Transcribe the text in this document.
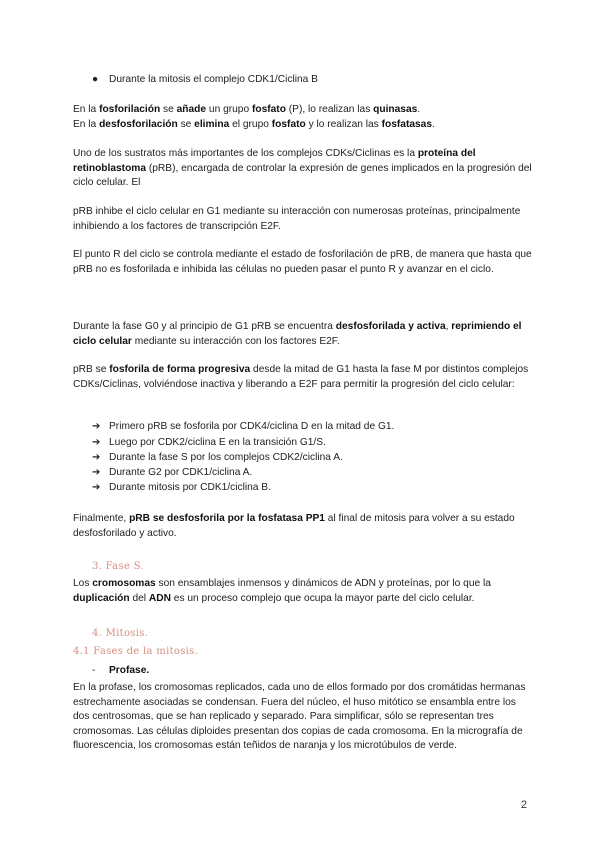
● Durante la mitosis el complejo CDK1/Ciclina B

En la fosforilación se añade un grupo fosfato (P), lo realizan las quinasas.

En la desfosforilación se elimina el grupo fosfato y lo realizan las fosfatasas.

Uno de los sustratos más importantes de los complejos CDKs/Ciclinas es la proteína del retinoblastoma (pRB), encargada de controlar la expresión de genes implicados en la progresión del ciclo celular. El

pRB inhibe el ciclo celular en G1 mediante su interacción con numerosas proteínas, principalmente inhibiendo a los factores de transcripción E2F.

El punto R del ciclo se controla mediante el estado de fosforilación de pRB, de manera que hasta que pRB no es fosforilada e inhibida las células no pueden pasar el punto R y avanzar en el ciclo.

Durante la fase G0 y al principio de G1 pRB se encuentra desfosforilada y activa, reprimiendo el ciclo celular mediante su interacción con los factores E2F.

pRB se fosforila de forma progresiva desde la mitad de G1 hasta la fase M por distintos complejos CDKs/Ciclinas, volviéndose inactiva y liberando a E2F para permitir la progresión del ciclo celular:

➔ Primero pRB se fosforila por CDK4/ciclina D en la mitad de G1.
➔ Luego por CDK2/ciclina E en la transición G1/S.
➔ Durante la fase S por los complejos CDK2/ciclina A.
➔ Durante G2 por CDK1/ciclina A.
➔ Durante mitosis por CDK1/ciclina B.

Finalmente, pRB se desfosforila por la fosfatasa PP1 al final de mitosis para volver a su estado desfosforilado y activo.

3. Fase S.

Los cromosomas son ensamblajes inmensos y dinámicos de ADN y proteínas, por lo que la duplicación del ADN es un proceso complejo que ocupa la mayor parte del ciclo celular.

4. Mitosis.
4.1 Fases de la mitosis.
- Profase.

En la profase, los cromosomas replicados, cada uno de ellos formado por dos cromátidas hermanas estrechamente asociadas se condensan. Fuera del núcleo, el huso mitótico se ensambla entre los dos centrosomas, que se han replicado y separado. Para simplificar, sólo se representan tres cromosomas. Las células diploides presentan dos copias de cada cromosoma. En la micrografía de fluorescencia, los cromosomas están teñidos de naranja y los microtúbulos de verde.

2
